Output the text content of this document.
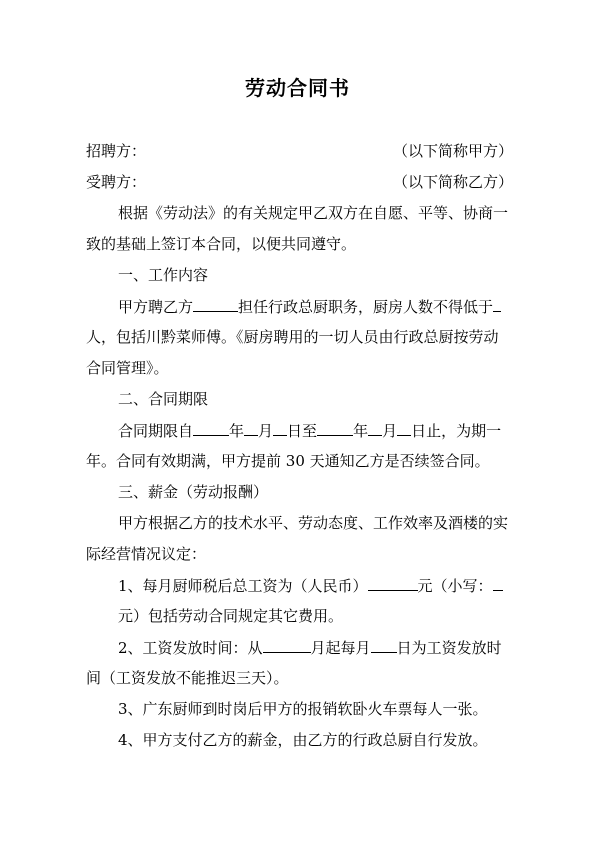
劳动合同书
招聘方：	（以下简称甲方）
受聘方：	（以下简称乙方）
根据《劳动法》的有关规定甲乙双方在自愿、平等、协商一
致的基础上签订本合同，以便共同遵守。
一、工作内容
甲方聘乙方	担任行政总厨职务，厨房人数不得低于
人，包括川黔菜师傅。《厨房聘用的一切人员由行政总厨按劳动
合同管理》。
二、合同期限
合同期限自 年 月 日至 年 月 日止，为期一
年。合同有效期满，甲方提前 30 天通知乙方是否续签合同。
三、薪金（劳动报酬）
甲方根据乙方的技术水平、劳动态度、工作效率及酒楼的实
际经营情况议定：
1、每月厨师税后总工资为（人民币）	元（小写：
元）包括劳动合同规定其它费用。
2、工资发放时间：从	月起每月 日为工资发放时
间（工资发放不能推迟三天）。
3、广东厨师到时岗后甲方的报销软卧火车票每人一张。
4、甲方支付乙方的薪金，由乙方的行政总厨自行发放。
